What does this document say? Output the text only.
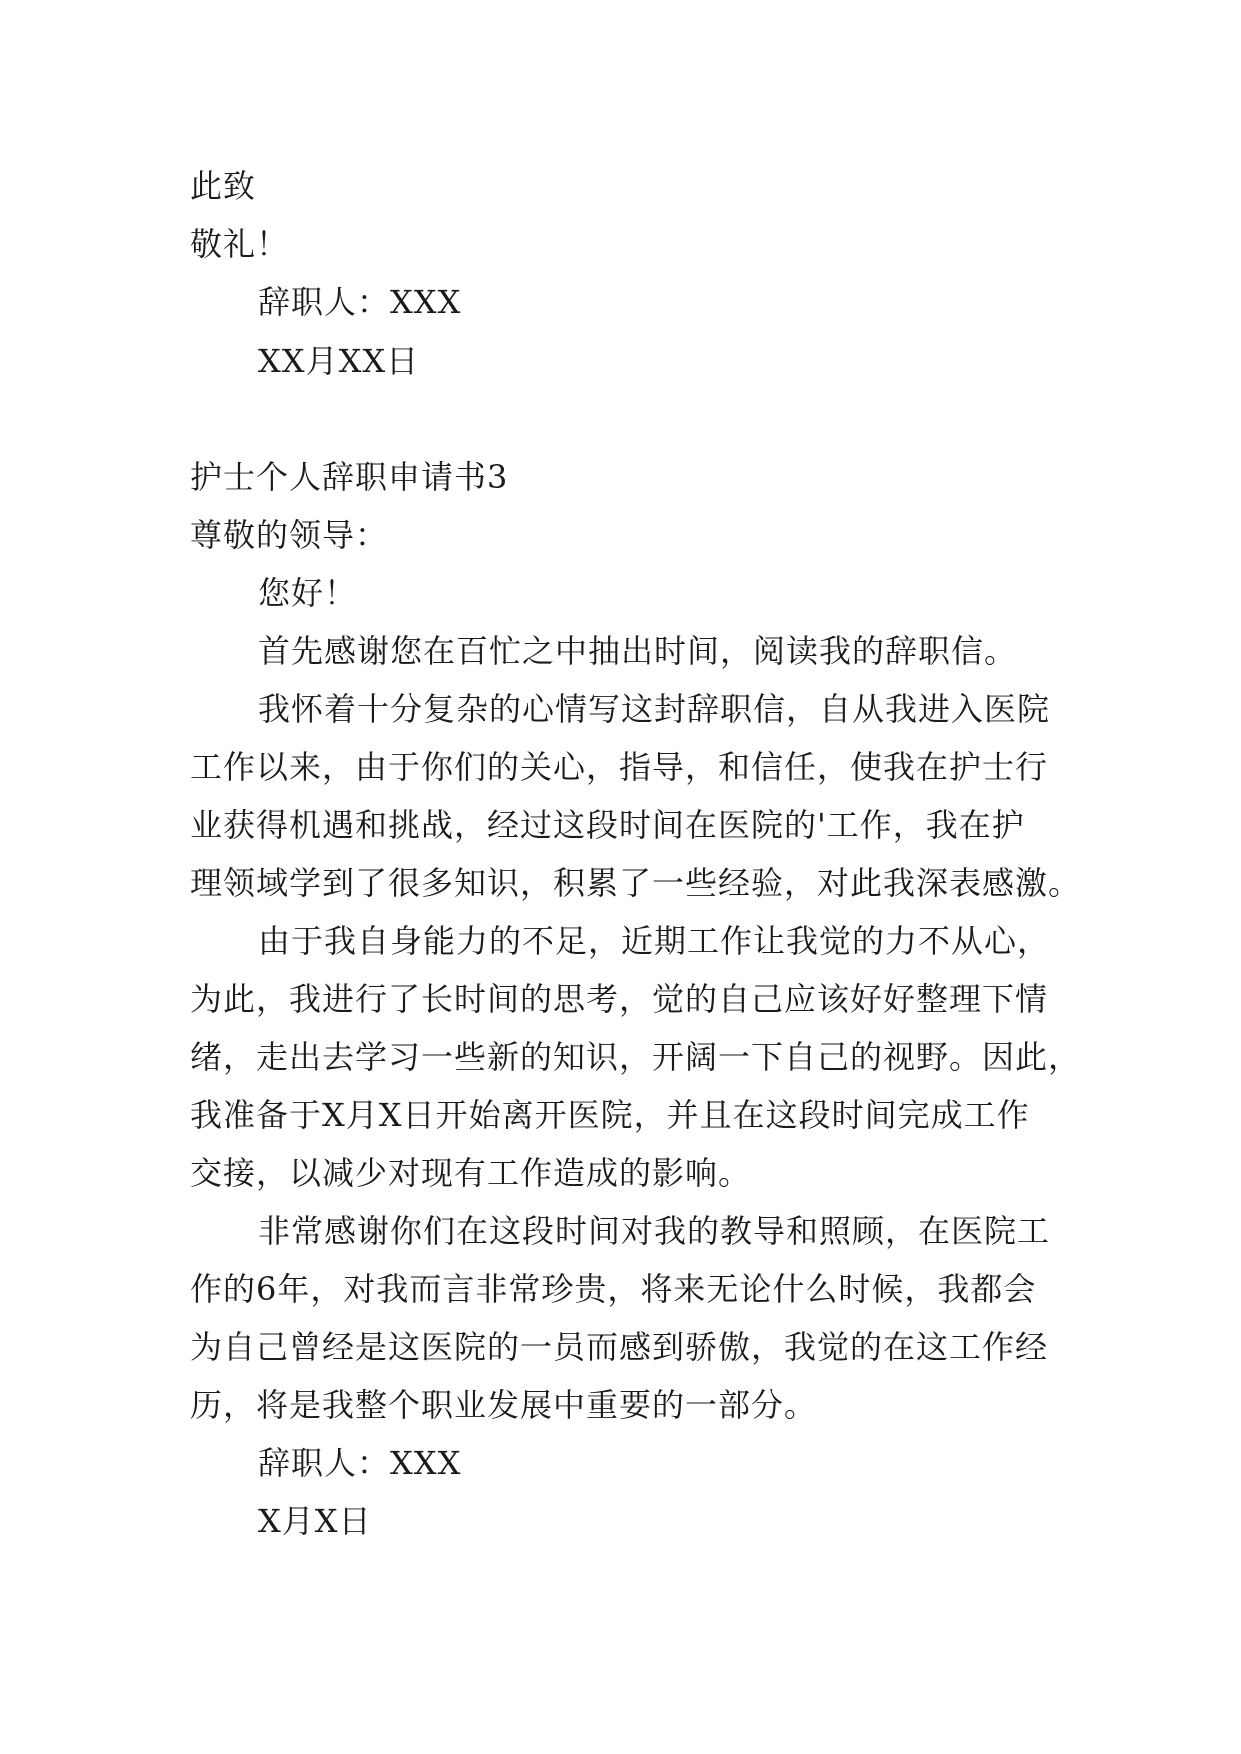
此致
敬礼！
辞职人：XXX
XX月XX日
护士个人辞职申请书3
尊敬的领导：
您好！
首先感谢您在百忙之中抽出时间，阅读我的辞职信。
我怀着十分复杂的心情写这封辞职信，自从我进入医院
工作以来，由于你们的关心，指导，和信任，使我在护士行
业获得机遇和挑战，经过这段时间在医院的'工作，我在护
理领域学到了很多知识，积累了一些经验，对此我深表感激。
由于我自身能力的不足，近期工作让我觉的力不从心，
为此，我进行了长时间的思考，觉的自己应该好好整理下情
绪，走出去学习一些新的知识，开阔一下自己的视野。因此，
我准备于X月X日开始离开医院，并且在这段时间完成工作
交接，以减少对现有工作造成的影响。
非常感谢你们在这段时间对我的教导和照顾，在医院工
作的6年，对我而言非常珍贵，将来无论什么时候，我都会
为自己曾经是这医院的一员而感到骄傲，我觉的在这工作经
历，将是我整个职业发展中重要的一部分。
辞职人：XXX
X月X日
